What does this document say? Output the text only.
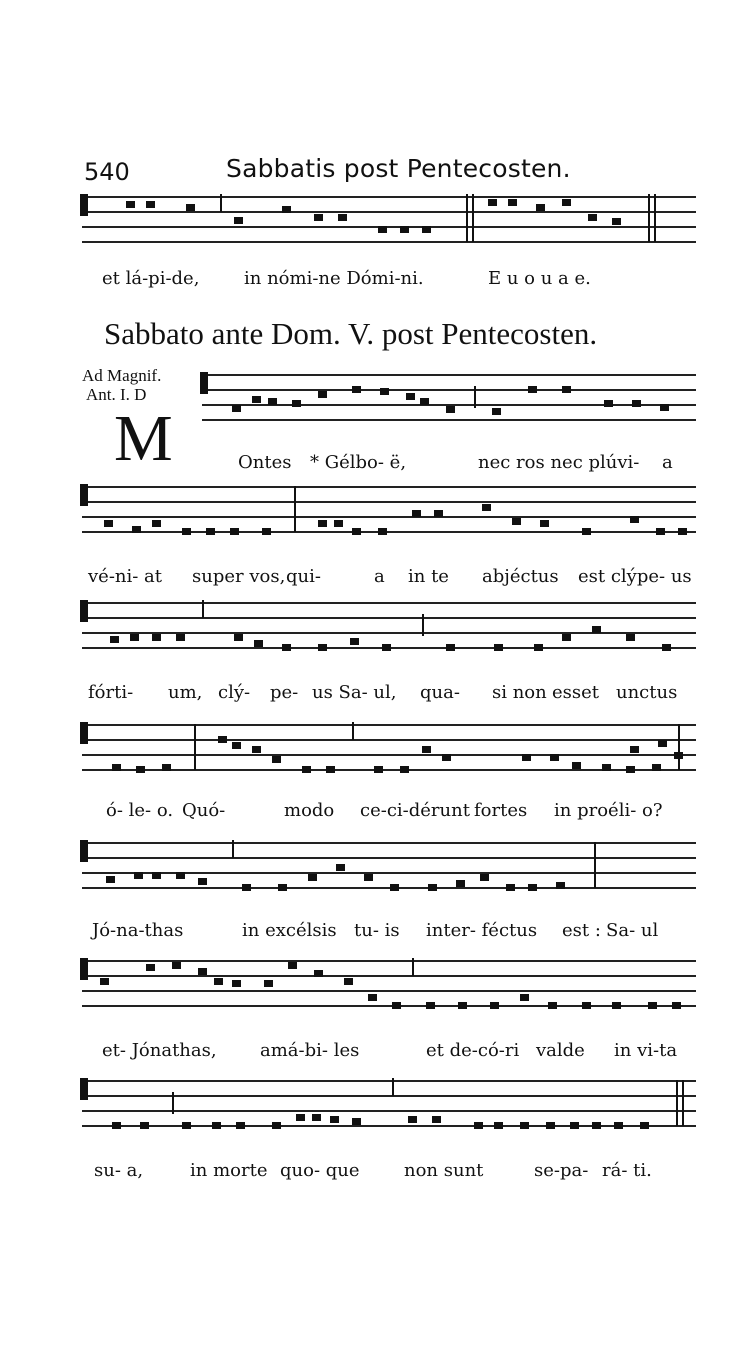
540	Sabbatis post Pentecosten.
et lá-pi-de, in nómi-ne Dómi-ni.	E u o u a e.
Sabbato ante Dom. V. post Pentecosten.
Ad Magnif.
Ant. I. D
M	Ontes * Gélbo- ë,	nec ros nec plúvi- a
vé-ni- at super vos, qui-	a in te abjéctus est clýpe- us
fórti- um, clý- pe- us Sa- ul, qua- si non esset unctus
ó- le- o. Quó-	modo ce-ci-dérunt fortes in proéli- o?
Jó-na-thas	in excélsis tu- is inter- féctus est : Sa- ul
et- Jónathas, amá-bi- les	et de-có-ri valde in vi-ta
su- a,	in morte quo- que non sunt	se-pa- rá- ti.
